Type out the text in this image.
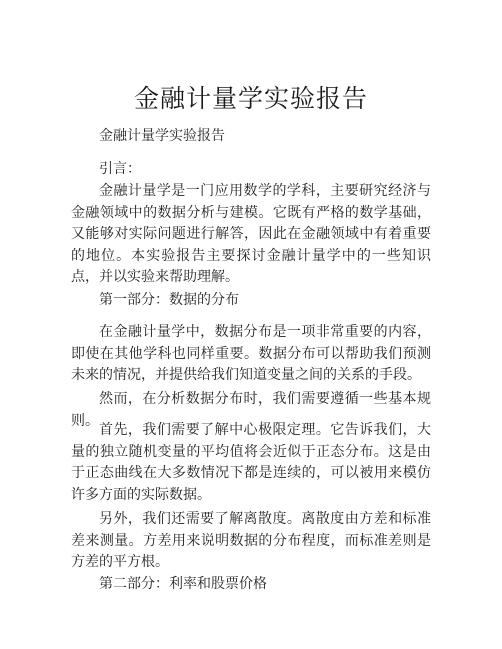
金融计量学实验报告

金融计量学实验报告

引言：

金融计量学是一门应用数学的学科，主要研究经济与金融领域中的数据分析与建模。它既有严格的数学基础，又能够对实际问题进行解答，因此在金融领域中有着重要的地位。本实验报告主要探讨金融计量学中的一些知识点，并以实验来帮助理解。

第一部分：数据的分布

在金融计量学中，数据分布是一项非常重要的内容，即使在其他学科也同样重要。数据分布可以帮助我们预测未来的情况，并提供给我们知道变量之间的关系的手段。

然而，在分析数据分布时，我们需要遵循一些基本规则。

首先，我们需要了解中心极限定理。它告诉我们，大量的独立随机变量的平均值将会近似于正态分布。这是由于正态曲线在大多数情况下都是连续的，可以被用来模仿许多方面的实际数据。

另外，我们还需要了解离散度。离散度由方差和标准差来测量。方差用来说明数据的分布程度，而标准差则是方差的平方根。

第二部分：利率和股票价格
